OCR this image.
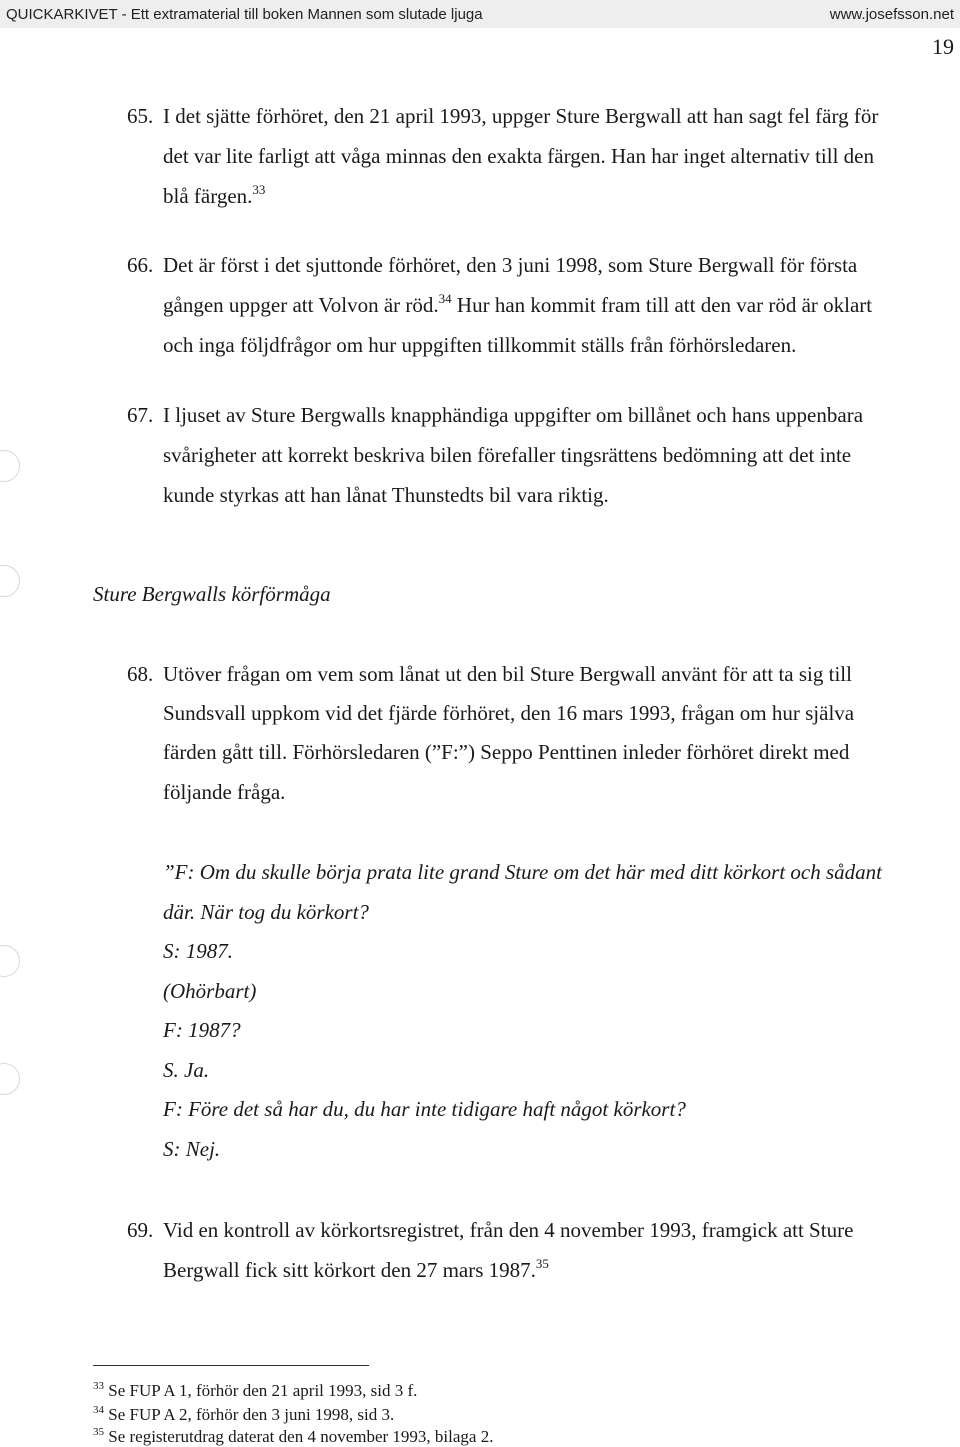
QUICKARKIVET - Ett extramaterial till boken Mannen som slutade ljuga	www.josefsson.net
19
65. I det sjätte förhöret, den 21 april 1993, uppger Sture Bergwall att han sagt fel färg för
det var lite farligt att våga minnas den exakta färgen. Han har inget alternativ till den
blå färgen.$^{33}$
66. Det är först i det sjuttonde förhöret, den 3 juni 1998, som Sture Bergwall för första
gången uppger att Volvon är röd.$^{34}$ Hur han kommit fram till att den var röd är oklart
och inga följdfrågor om hur uppgiften tillkommit ställs från förhörsledaren.
67. I ljuset av Sture Bergwalls knapphändiga uppgifter om billånet och hans uppenbara
svårigheter att korrekt beskriva bilen förefaller tingsrättens bedömning att det inte
kunde styrkas att han lånat Thunstedts bil vara riktig.
Sture Bergwalls körförmåga
68. Utöver frågan om vem som lånat ut den bil Sture Bergwall använt för att ta sig till
Sundsvall uppkom vid det fjärde förhöret, den 16 mars 1993, frågan om hur själva
färden gått till. Förhörsledaren (”F:”) Seppo Penttinen inleder förhöret direkt med
följande fråga.
”F: Om du skulle börja prata lite grand Sture om det här med ditt körkort och sådant
där. När tog du körkort?
S: 1987.
(Ohörbart)
F: 1987?
S. Ja.
F: Före det så har du, du har inte tidigare haft något körkort?
S: Nej.
69. Vid en kontroll av körkortsregistret, från den 4 november 1993, framgick att Sture
Bergwall fick sitt körkort den 27 mars 1987.35
$^{33}$ Se FUP A 1, förhör den 21 april 1993, sid 3 f.
$^{34}$ Se FUP A 2, förhör den 3 juni 1998, sid 3.
$^{35}$ Se registerutdrag daterat den 4 november 1993, bilaga 2.
